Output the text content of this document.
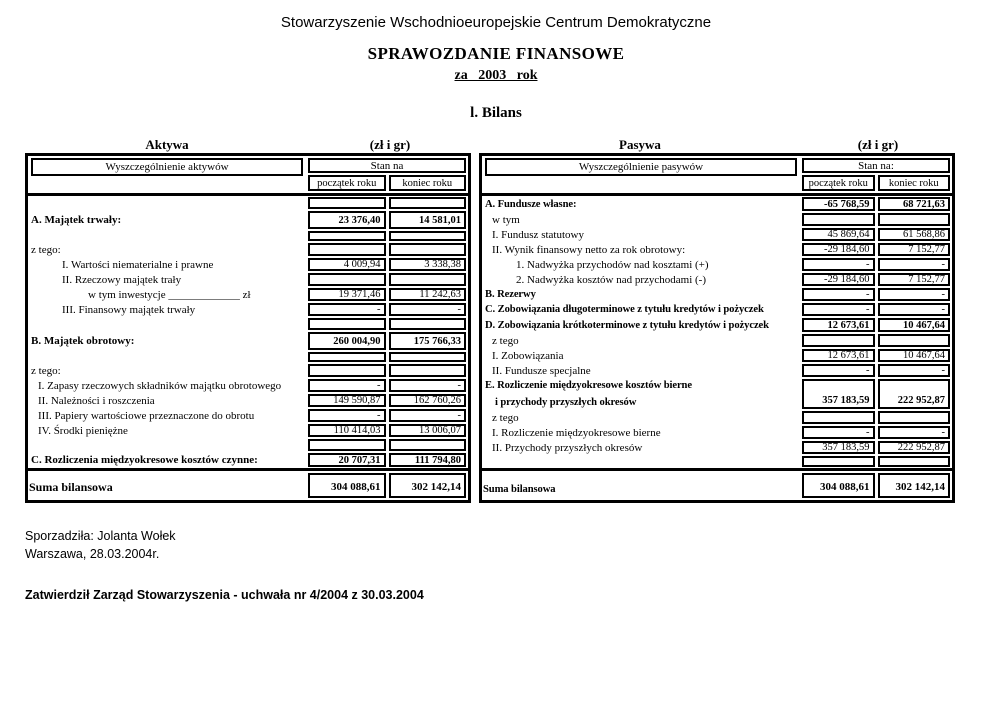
Stowarzyszenie Wschodnioeuropejskie Centrum Demokratyczne
SPRAWOZDANIE FINANSOWE
za 2003 rok
l. Bilans
Aktywa	(zł i gr)
Wyszczególnienie aktywów	Stan na
początek roku	koniec roku
A. Majątek trwały:	23 376,40	14 581,01
z tego:
I. Wartości niematerialne i prawne	4 009,94	3 338,38
II. Rzeczowy majątek trały
w tym inwestycje _____________ zł	19 371,46	11 242,63
III. Finansowy majątek trwały	-	-
B. Majątek obrotowy:	260 004,90	175 766,33
z tego:
I. Zapasy rzeczowych składników majątku obrotowego	-	-
II. Należności i roszczenia	149 590,87	162 760,26
III. Papiery wartościowe przeznaczone do obrotu	-	-
IV. Środki pieniężne	110 414,03	13 006,07
C. Rozliczenia międzyokresowe kosztów czynne:	20 707,31	111 794,80
Suma bilansowa	304 088,61	302 142,14
Pasywa	(zł i gr)
Wyszczególnienie pasywów	Stan na:
początek roku	koniec roku
A. Fundusze własne:	-65 768,59	68 721,63
w tym
I. Fundusz statutowy	45 869,64	61 568,86
II. Wynik finansowy netto za rok obrotowy:	-29 184,60	7 152,77
1. Nadwyżka przychodów nad kosztami (+)	-	-
2. Nadwyżka kosztów nad przychodami (-)	-29 184,60	7 152,77
B. Rezerwy	-	-
C. Zobowiązania długoterminowe z tytułu kredytów i pożyczek	-	-
D. Zobowiązania krótkoterminowe z tytułu kredytów i pożyczek	12 673,61	10 467,64
z tego
I. Zobowiązania	12 673,61	10 467,64
II. Fundusze specjalne	-	-
E. Rozliczenie międzyokresowe kosztów bierne
i przychody przyszłych okresów	357 183,59	222 952,87
z tego
I. Rozliczenie międzyokresowe bierne	-	-
II. Przychody przyszłych okresów	357 183,59	222 952,87
Suma bilansowa	304 088,61	302 142,14
Sporzadziła: Jolanta Wołek
Warszawa, 28.03.2004r.
Zatwierdził Zarząd Stowarzyszenia - uchwała nr 4/2004 z 30.03.2004
